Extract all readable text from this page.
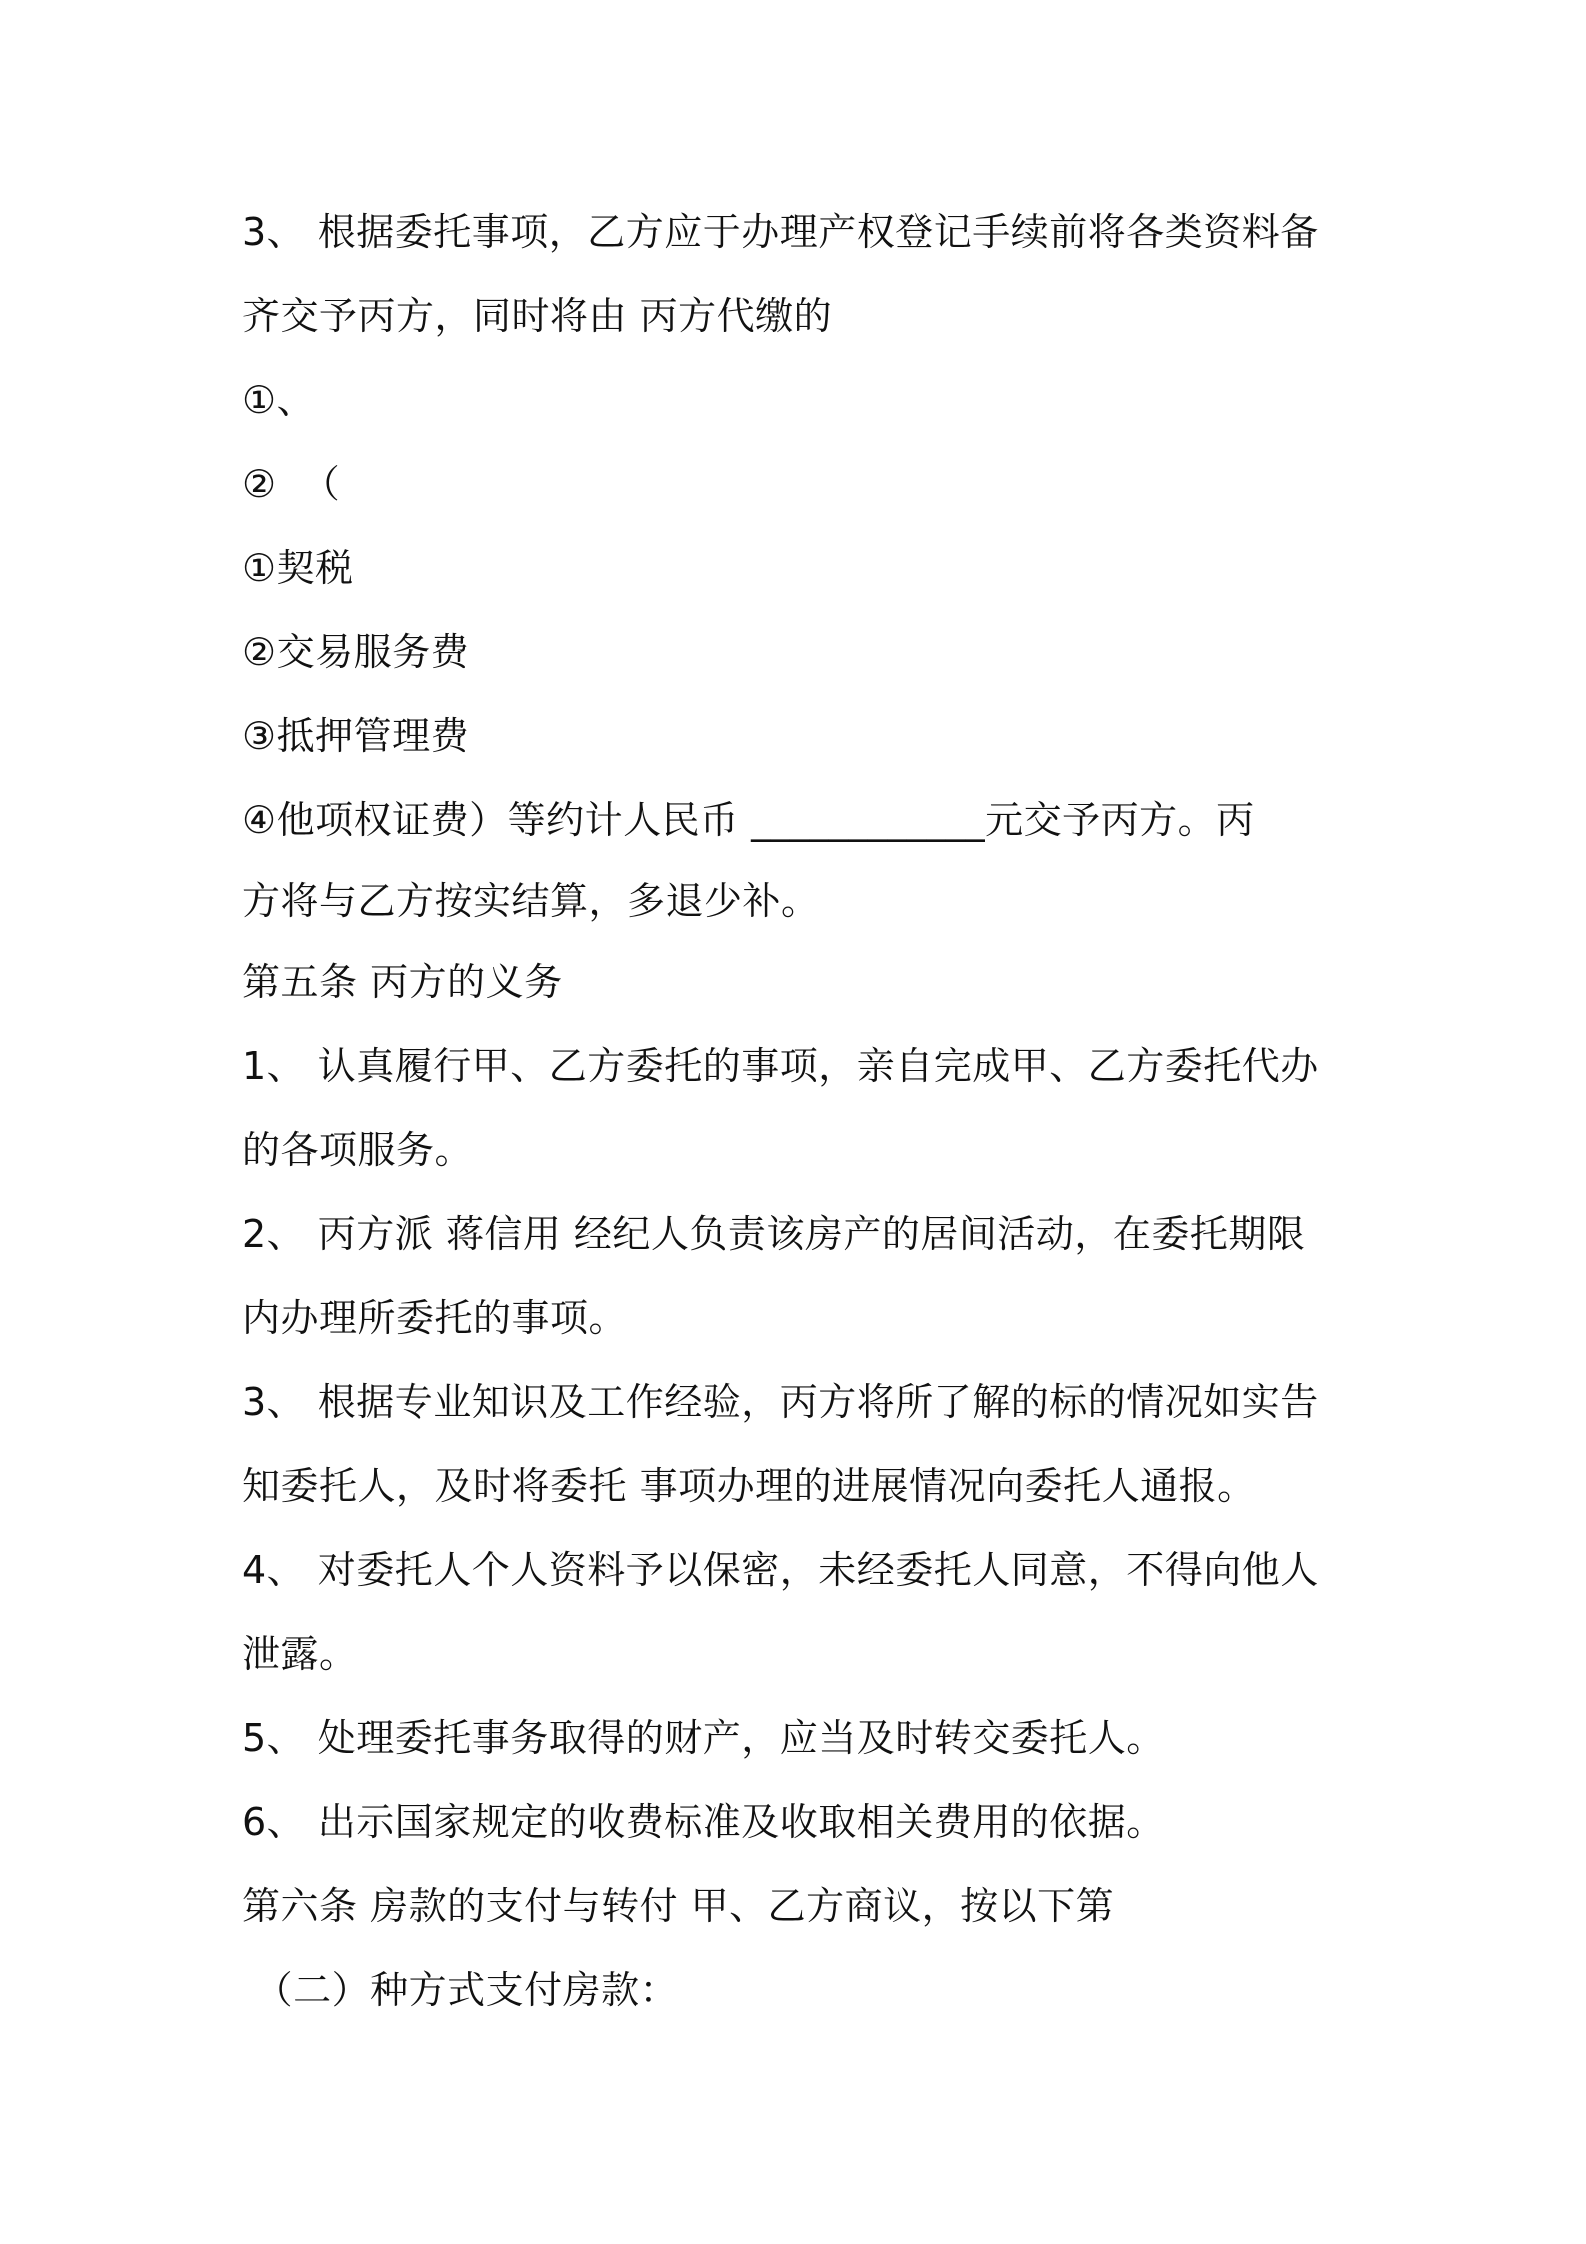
3、 根据委托事项，乙方应于办理产权登记手续前将各类资料备
齐交予丙方，同时将由 丙方代缴的
①、
②  （
①契税
②交易服务费
③抵押管理费
④他项权证费）等约计人民币 ____________元交予丙方。丙
方将与乙方按实结算，多退少补。
第五条 丙方的义务
1、 认真履行甲、乙方委托的事项，亲自完成甲、乙方委托代办
的各项服务。
2、 丙方派 蒋信用 经纪人负责该房产的居间活动，在委托期限
内办理所委托的事项。
3、 根据专业知识及工作经验，丙方将所了解的标的情况如实告
知委托人，及时将委托 事项办理的进展情况向委托人通报。
4、 对委托人个人资料予以保密，未经委托人同意，不得向他人
泄露。
5、 处理委托事务取得的财产，应当及时转交委托人。
6、 出示国家规定的收费标准及收取相关费用的依据。
第六条 房款的支付与转付 甲、乙方商议，按以下第
（二）种方式支付房款：
